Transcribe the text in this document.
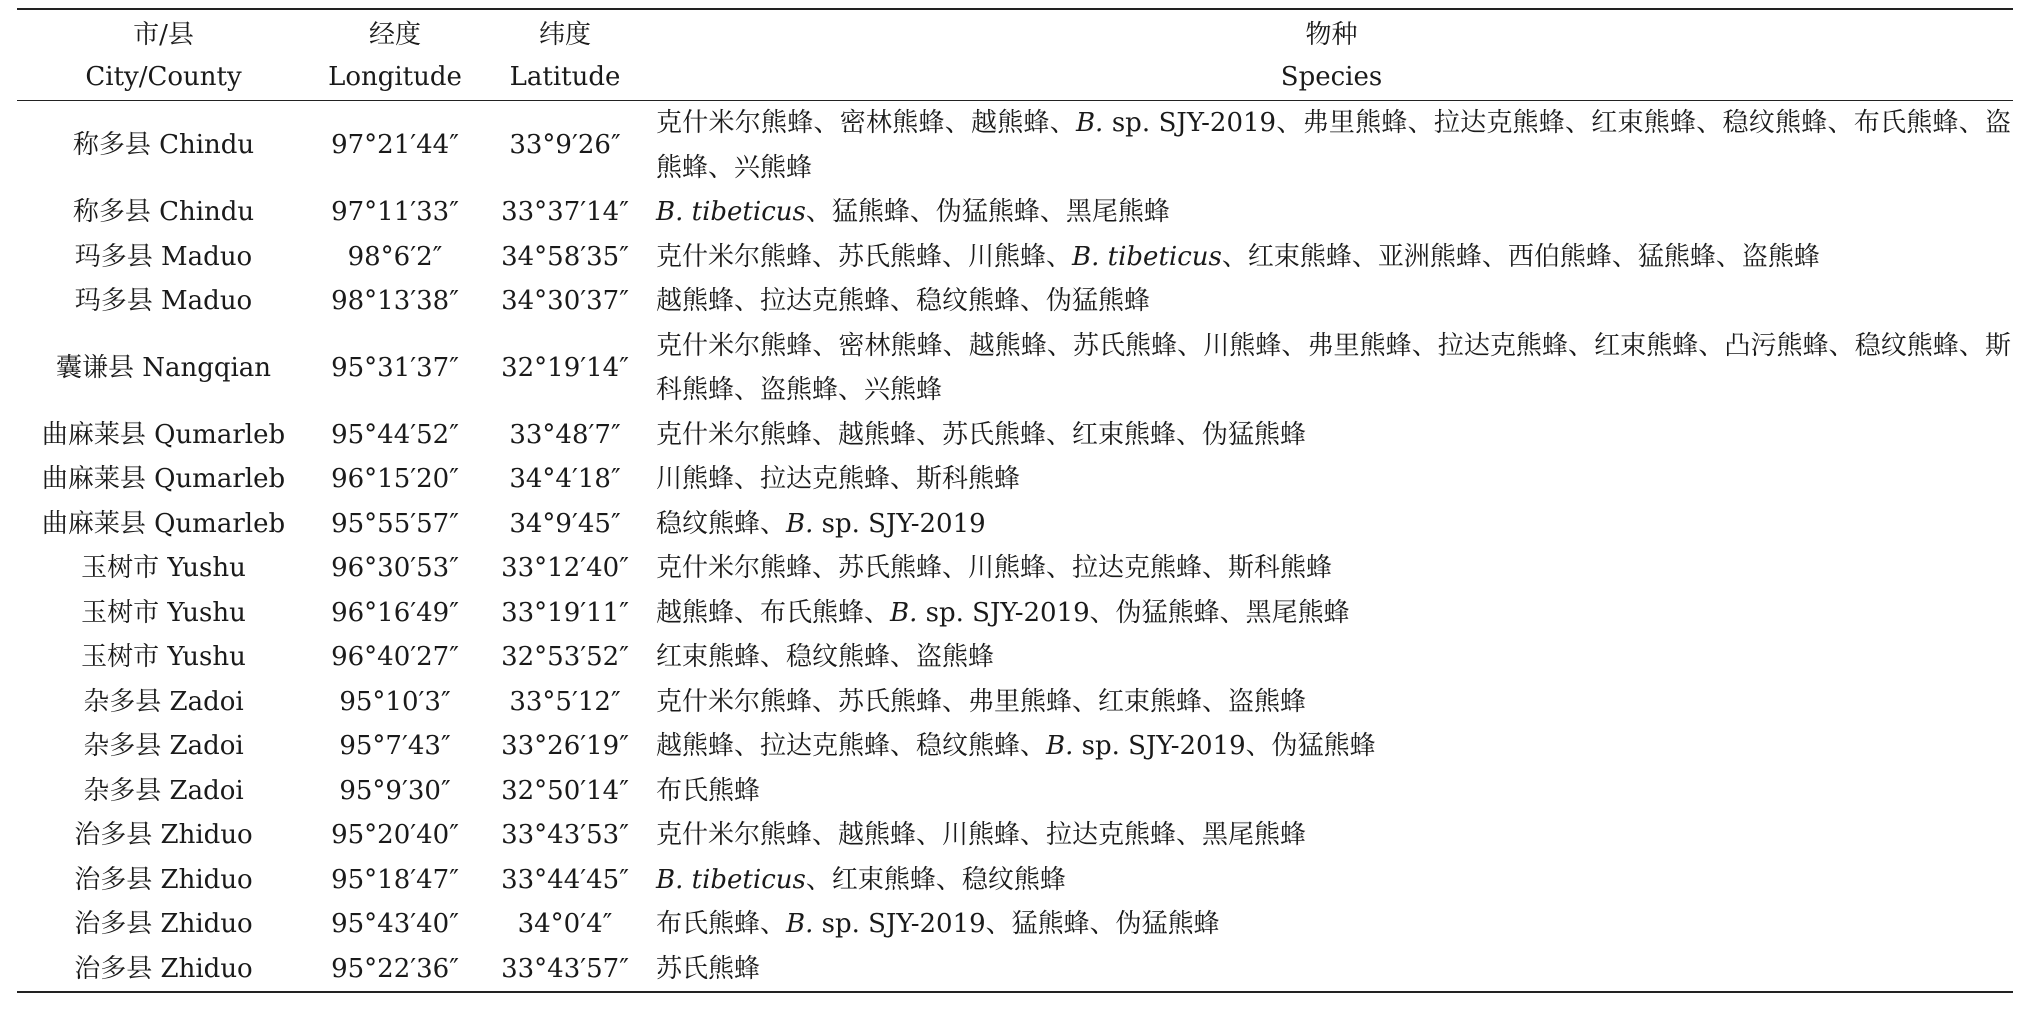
市/县	经度	纬度	物种
City/County	Longitude	Latitude	Species
称多县 Chindu	97°21′44″	33°9′26″	克什米尔熊蜂、密林熊蜂、越熊蜂、B. sp. SJY-2019、弗里熊蜂、拉达克熊蜂、红束熊蜂、稳纹熊蜂、布氏熊蜂、盗熊蜂、兴熊蜂
称多县 Chindu	97°11′33″	33°37′14″	B. tibeticus、猛熊蜂、伪猛熊蜂、黑尾熊蜂
玛多县 Maduo	98°6′2″	34°58′35″	克什米尔熊蜂、苏氏熊蜂、川熊蜂、B. tibeticus、红束熊蜂、亚洲熊蜂、西伯熊蜂、猛熊蜂、盗熊蜂
玛多县 Maduo	98°13′38″	34°30′37″	越熊蜂、拉达克熊蜂、稳纹熊蜂、伪猛熊蜂
囊谦县 Nangqian	95°31′37″	32°19′14″	克什米尔熊蜂、密林熊蜂、越熊蜂、苏氏熊蜂、川熊蜂、弗里熊蜂、拉达克熊蜂、红束熊蜂、凸污熊蜂、稳纹熊蜂、斯科熊蜂、盗熊蜂、兴熊蜂
曲麻莱县 Qumarleb	95°44′52″	33°48′7″	克什米尔熊蜂、越熊蜂、苏氏熊蜂、红束熊蜂、伪猛熊蜂
曲麻莱县 Qumarleb	96°15′20″	34°4′18″	川熊蜂、拉达克熊蜂、斯科熊蜂
曲麻莱县 Qumarleb	95°55′57″	34°9′45″	稳纹熊蜂、B. sp. SJY-2019
玉树市 Yushu	96°30′53″	33°12′40″	克什米尔熊蜂、苏氏熊蜂、川熊蜂、拉达克熊蜂、斯科熊蜂
玉树市 Yushu	96°16′49″	33°19′11″	越熊蜂、布氏熊蜂、B. sp. SJY-2019、伪猛熊蜂、黑尾熊蜂
玉树市 Yushu	96°40′27″	32°53′52″	红束熊蜂、稳纹熊蜂、盗熊蜂
杂多县 Zadoi	95°10′3″	33°5′12″	克什米尔熊蜂、苏氏熊蜂、弗里熊蜂、红束熊蜂、盗熊蜂
杂多县 Zadoi	95°7′43″	33°26′19″	越熊蜂、拉达克熊蜂、稳纹熊蜂、B. sp. SJY-2019、伪猛熊蜂
杂多县 Zadoi	95°9′30″	32°50′14″	布氏熊蜂
治多县 Zhiduo	95°20′40″	33°43′53″	克什米尔熊蜂、越熊蜂、川熊蜂、拉达克熊蜂、黑尾熊蜂
治多县 Zhiduo	95°18′47″	33°44′45″	B. tibeticus、红束熊蜂、稳纹熊蜂
治多县 Zhiduo	95°43′40″	34°0′4″	布氏熊蜂、B. sp. SJY-2019、猛熊蜂、伪猛熊蜂
治多县 Zhiduo	95°22′36″	33°43′57″	苏氏熊蜂
